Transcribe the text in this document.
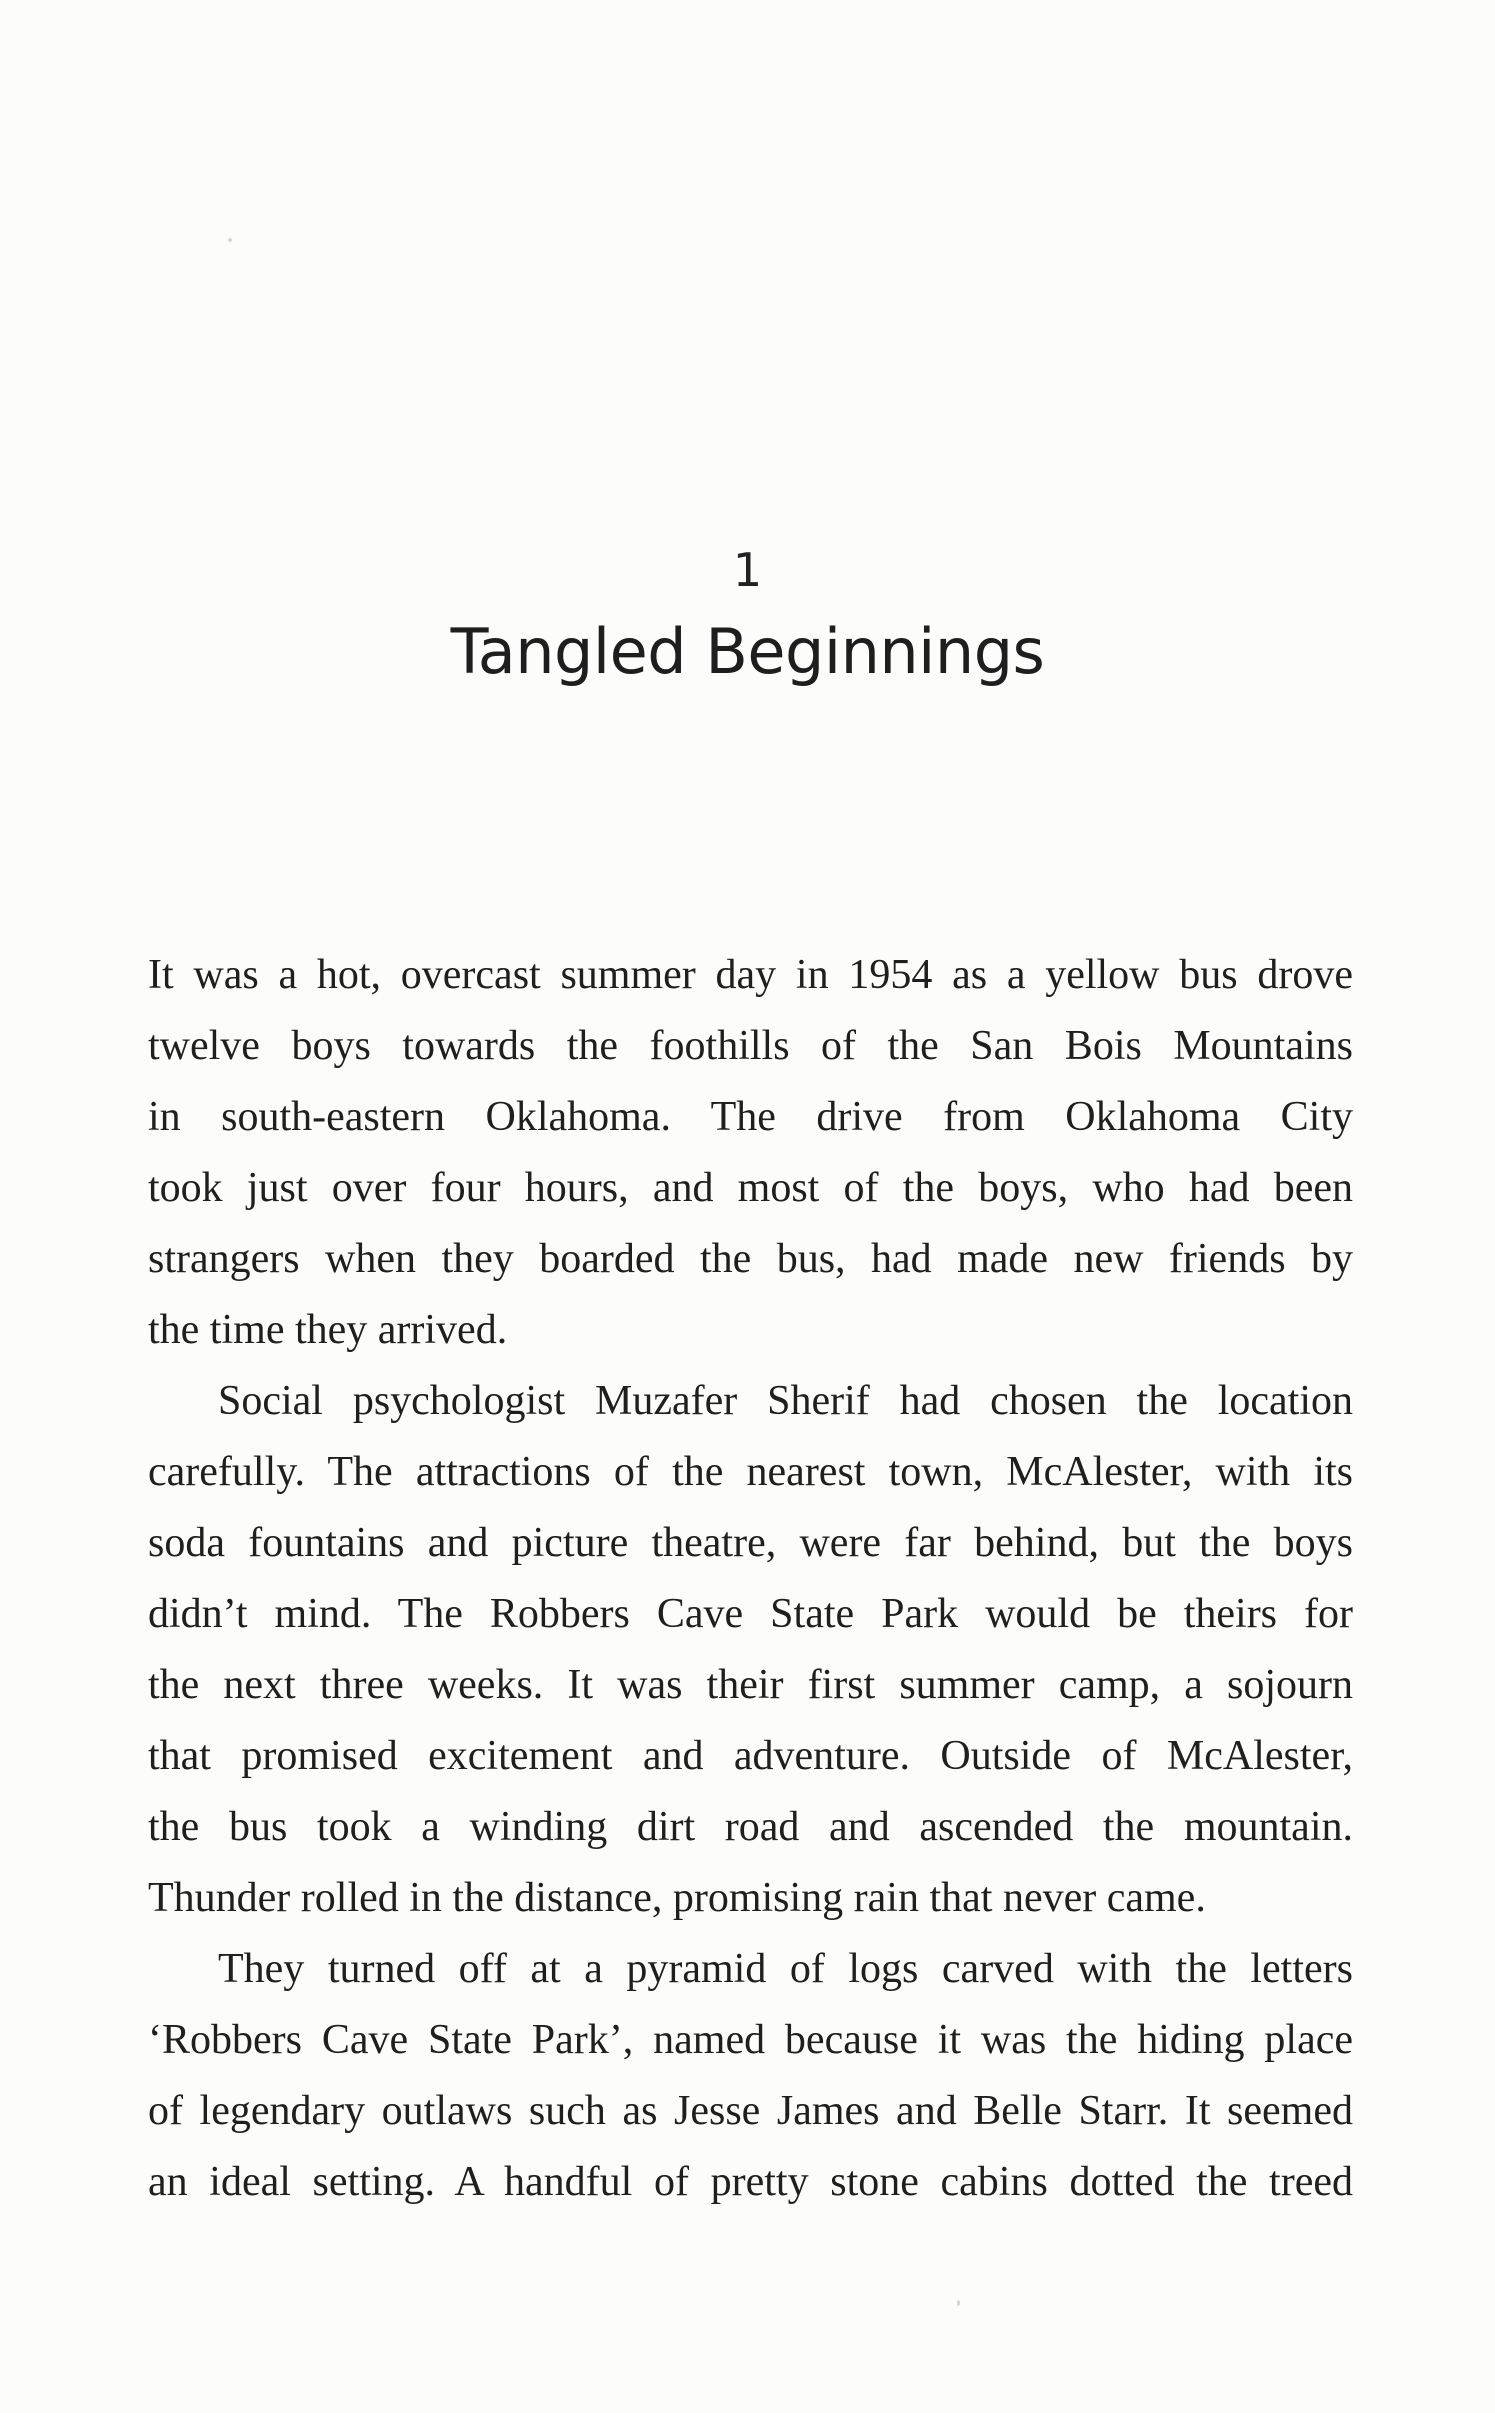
1
Tangled Beginnings
It was a hot, overcast summer day in 1954 as a yellow bus drove
twelve boys towards the foothills of the San Bois Mountains
in south-eastern Oklahoma. The drive from Oklahoma City
took just over four hours, and most of the boys, who had been
strangers when they boarded the bus, had made new friends by
the time they arrived.
Social psychologist Muzafer Sherif had chosen the location
carefully. The attractions of the nearest town, McAlester, with its
soda fountains and picture theatre, were far behind, but the boys
didn’t mind. The Robbers Cave State Park would be theirs for
the next three weeks. It was their first summer camp, a sojourn
that promised excitement and adventure. Outside of McAlester,
the bus took a winding dirt road and ascended the mountain.
Thunder rolled in the distance, promising rain that never came.
They turned off at a pyramid of logs carved with the letters
‘Robbers Cave State Park’, named because it was the hiding place
of legendary outlaws such as Jesse James and Belle Starr. It seemed
an ideal setting. A handful of pretty stone cabins dotted the treed
